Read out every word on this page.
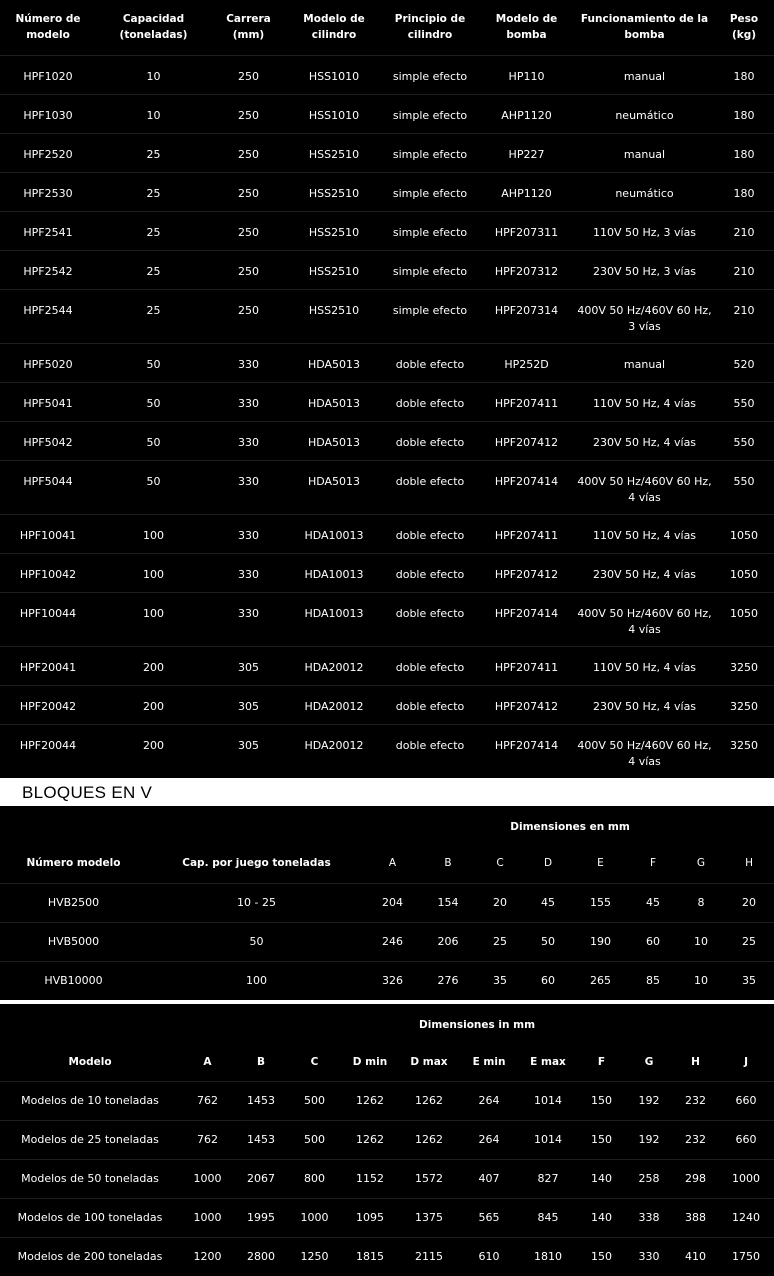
Número de modelo	Capacidad (toneladas)	Carrera (mm)	Modelo de cilindro	Principio de cilindro	Modelo de bomba	Funcionamiento de la bomba	Peso (kg)
HPF1020	10	250	HSS1010	simple efecto	HP110	manual	180
HPF1030	10	250	HSS1010	simple efecto	AHP1120	neumático	180
HPF2520	25	250	HSS2510	simple efecto	HP227	manual	180
HPF2530	25	250	HSS2510	simple efecto	AHP1120	neumático	180
HPF2541	25	250	HSS2510	simple efecto	HPF207311	110V 50 Hz, 3 vías	210
HPF2542	25	250	HSS2510	simple efecto	HPF207312	230V 50 Hz, 3 vías	210
HPF2544	25	250	HSS2510	simple efecto	HPF207314	400V 50 Hz/460V 60 Hz, 3 vías	210
HPF5020	50	330	HDA5013	doble efecto	HP252D	manual	520
HPF5041	50	330	HDA5013	doble efecto	HPF207411	110V 50 Hz, 4 vías	550
HPF5042	50	330	HDA5013	doble efecto	HPF207412	230V 50 Hz, 4 vías	550
HPF5044	50	330	HDA5013	doble efecto	HPF207414	400V 50 Hz/460V 60 Hz, 4 vías	550
HPF10041	100	330	HDA10013	doble efecto	HPF207411	110V 50 Hz, 4 vías	1050
HPF10042	100	330	HDA10013	doble efecto	HPF207412	230V 50 Hz, 4 vías	1050
HPF10044	100	330	HDA10013	doble efecto	HPF207414	400V 50 Hz/460V 60 Hz, 4 vías	1050
HPF20041	200	305	HDA20012	doble efecto	HPF207411	110V 50 Hz, 4 vías	3250
HPF20042	200	305	HDA20012	doble efecto	HPF207412	230V 50 Hz, 4 vías	3250
HPF20044	200	305	HDA20012	doble efecto	HPF207414	400V 50 Hz/460V 60 Hz, 4 vías	3250
BLOQUES EN V
		Dimensiones en mm							
Número modelo	Cap. por juego toneladas	A	B	C	D	E	F	G	H
HVB2500	10 - 25	204	154	20	45	155	45	8	20
HVB5000	50	246	206	25	50	190	60	10	25
HVB10000	100	326	276	35	60	265	85	10	35
	Dimensiones in mm										
Modelo	A	B	C	D min	D max	E min	E max	F	G	H	J
Modelos de 10 toneladas	762	1453	500	1262	1262	264	1014	150	192	232	660
Modelos de 25 toneladas	762	1453	500	1262	1262	264	1014	150	192	232	660
Modelos de 50 toneladas	1000	2067	800	1152	1572	407	827	140	258	298	1000
Modelos de 100 toneladas	1000	1995	1000	1095	1375	565	845	140	338	388	1240
Modelos de 200 toneladas	1200	2800	1250	1815	2115	610	1810	150	330	410	1750
